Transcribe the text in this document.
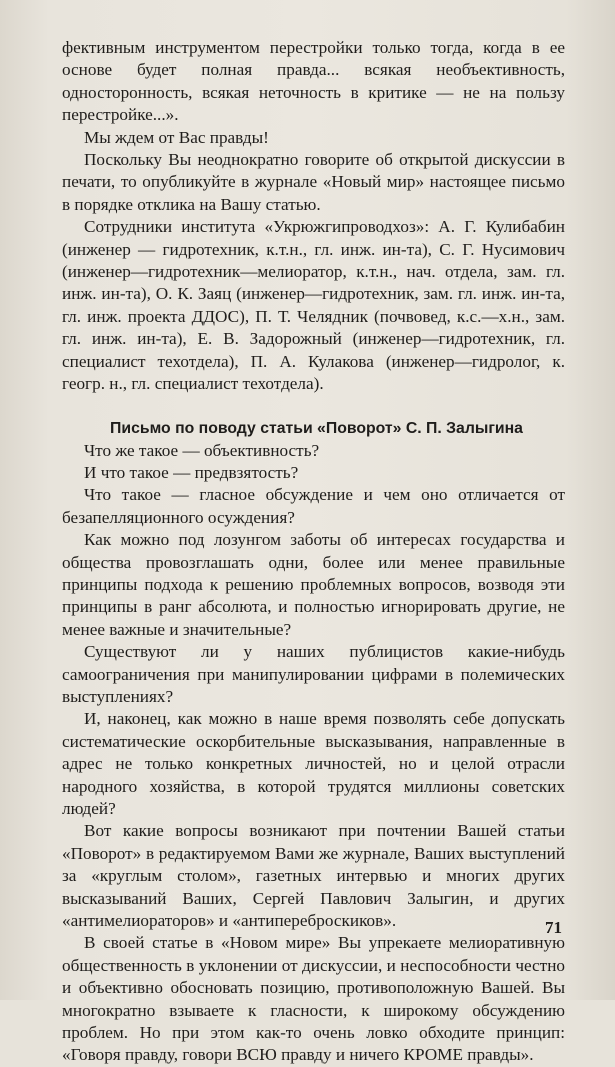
фективным инструментом перестройки только тогда, когда в ее основе будет полная правда... всякая необъективность, односторонность, всякая неточность в критике — не на пользу перестройке...».

Мы ждем от Вас правды!

Поскольку Вы неоднократно говорите об открытой дискуссии в печати, то опубликуйте в журнале «Новый мир» настоящее письмо в порядке отклика на Вашу статью.

Сотрудники института «Укрюжгипроводхоз»: А. Г. Кулибабин (инженер — гидротехник, к.т.н., гл. инж. ин-та), С. Г. Нусимович (инженер—гидротехник—мелиоратор, к.т.н., нач. отдела, зам. гл. инж. ин-та), О. К. Заяц (инженер—гидротехник, зам. гл. инж. ин-та, гл. инж. проекта ДДОС), П. Т. Челядник (почвовед, к.с.—х.н., зам. гл. инж. ин-та), Е. В. Задорожный (инженер—гидротехник, гл. специалист техотдела), П. А. Кулакова (инженер—гидролог, к. геогр. н., гл. специалист техотдела).

Письмо по поводу статьи «Поворот» С. П. Залыгина

Что же такое — объективность?

И что такое — предвзятость?

Что такое — гласное обсуждение и чем оно отличается от безапелляционного осуждения?

Как можно под лозунгом заботы об интересах государства и общества провозглашать одни, более или менее правильные принципы подхода к решению проблемных вопросов, возводя эти принципы в ранг абсолюта, и полностью игнорировать другие, не менее важные и значительные?

Существуют ли у наших публицистов какие-нибудь самоограничения при манипулировании цифрами в полемических выступлениях?

И, наконец, как можно в наше время позволять себе допускать систематические оскорбительные высказывания, направленные в адрес не только конкретных личностей, но и целой отрасли народного хозяйства, в которой трудятся миллионы советских людей?

Вот какие вопросы возникают при почтении Вашей статьи «Поворот» в редактируемом Вами же журнале, Ваших выступлений за «круглым столом», газетных интервью и многих других высказываний Ваших, Сергей Павлович Залыгин, и других «антимелиораторов» и «антипереброскиков».

В своей статье в «Новом мире» Вы упрекаете мелиоративную общественность в уклонении от дискуссии, и неспособности честно и объективно обосновать позицию, противоположную Вашей. Вы многократно взываете к гласности, к широкому обсуждению проблем. Но при этом как-то очень ловко обходите принцип: «Говоря правду, говори ВСЮ правду и ничего КРОМЕ правды».

71
